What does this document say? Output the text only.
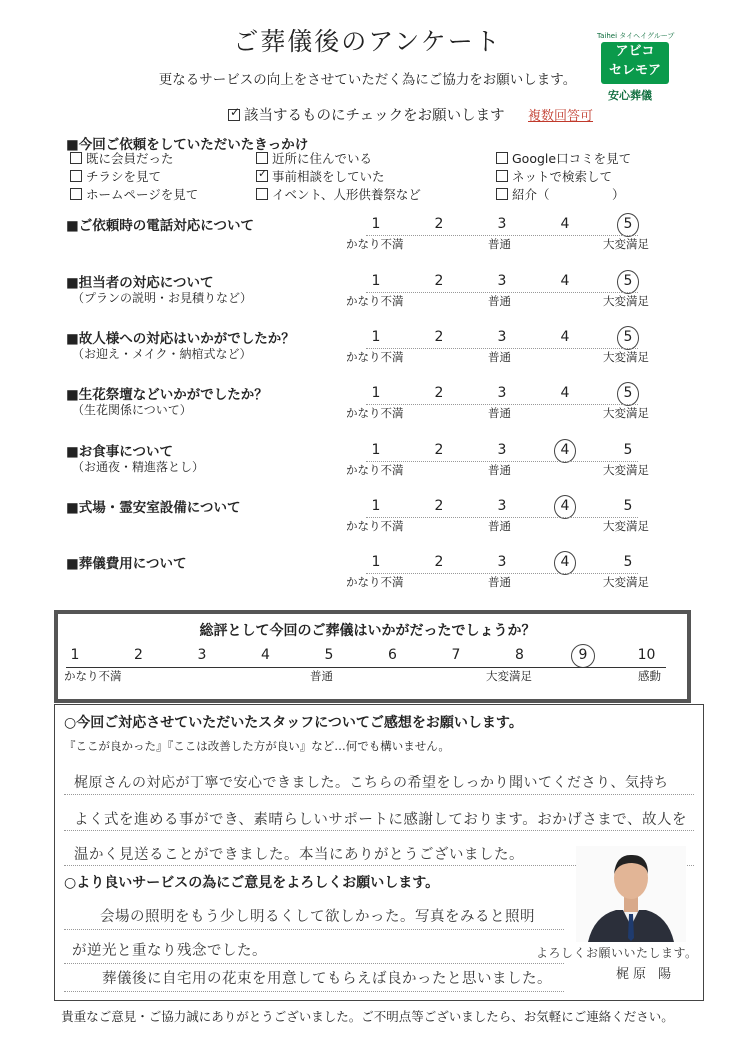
ご葬儀後のアンケート
更なるサービスの向上をさせていただく為にご協力をお願いします。
✓ 該当するものにチェックをお願いします 複数回答可
Taihei タイヘイグループ
アビコ
セレモア
安心葬儀
■今回ご依頼をしていただいたきっかけ
既に会員だった
チラシを見て
ホームページを見て
近所に住んでいる
✓ 事前相談をしていた
イベント、人形供養祭など
Google口コミを見て
ネットで検索して
紹介（　　　　　）
■ご依頼時の電話対応について	1	2	3	4	5
かなり不満	普通	大変満足
■担当者の対応について
（プランの説明・お見積りなど）
1	2	3	4	5
かなり不満	普通	大変満足
■故人様への対応はいかがでしたか？
（お迎え・メイク・納棺式など）
1	2	3	4	5
かなり不満	普通	大変満足
■生花祭壇などいかがでしたか？
（生花関係について）
1	2	3	4	5
かなり不満	普通	大変満足
■お食事について
（お通夜・精進落とし）
1	2	3	4	5
かなり不満	普通	大変満足
■式場・霊安室設備について	1	2	3	4	5
かなり不満	普通	大変満足
■葬儀費用について	1	2	3	4	5
かなり不満	普通	大変満足
総評として今回のご葬儀はいかがだったでしょうか？
1	2	3	4	5	6	7	8	9	10
かなり不満	普通	大変満足	感動
○今回ご対応させていただいたスタッフについてご感想をお願いします。
『ここが良かった』『ここは改善した方が良い』など…何でも構いません。
梶原さんの対応が丁寧で安心できました。こちらの希望をしっかり聞いてくださり、気持ち
よく式を進める事ができ、素晴らしいサポートに感謝しております。おかげさまで、故人を
温かく見送ることができました。本当にありがとうございました。
○より良いサービスの為にご意見をよろしくお願いします。
会場の照明をもう少し明るくして欲しかった。写真をみると照明
が逆光と重なり残念でした。
葬儀後に自宅用の花束を用意してもらえば良かったと思いました。
よろしくお願いいたします。
梶原 陽
貴重なご意見・ご協力誠にありがとうございました。ご不明点等ございましたら、お気軽にご連絡ください。
